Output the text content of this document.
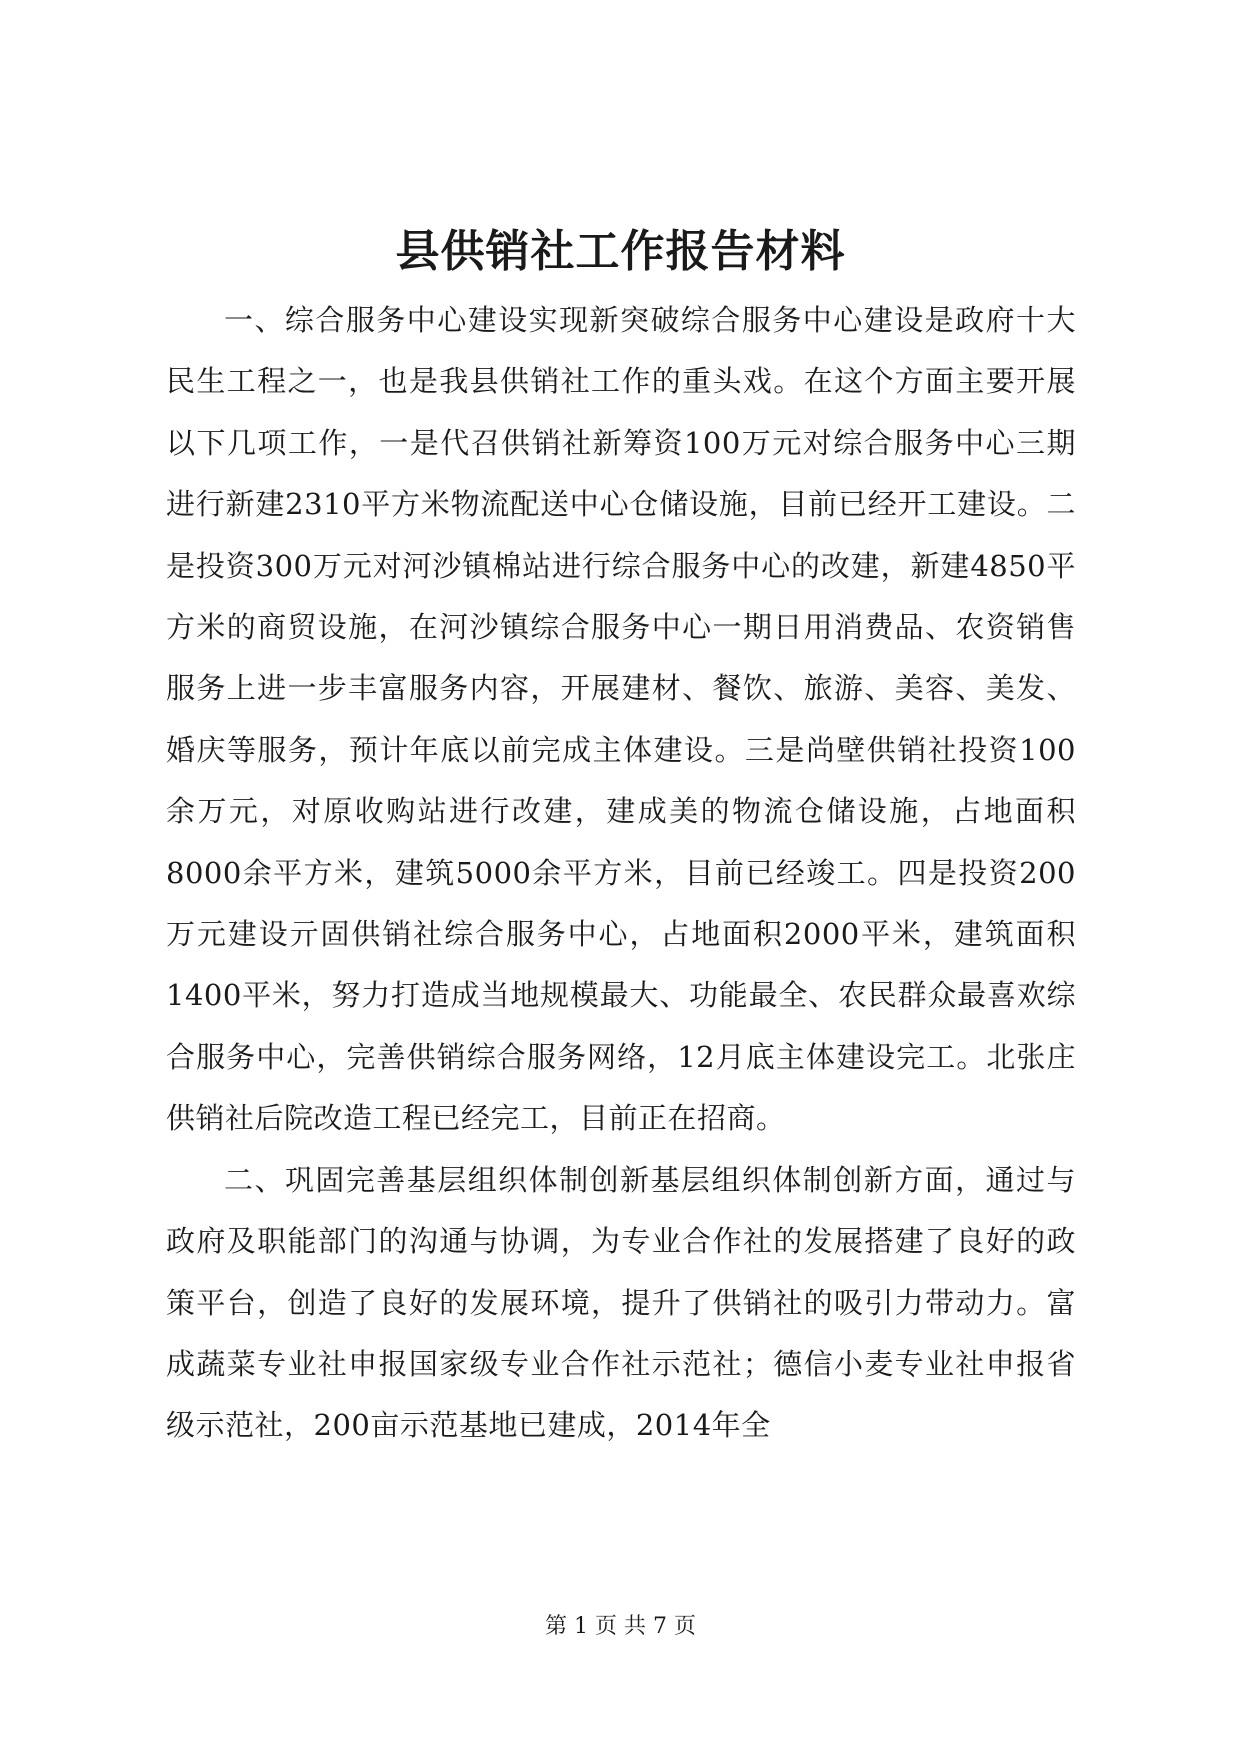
县供销社工作报告材料

一、综合服务中心建设实现新突破综合服务中心建设是政府十大民生工程之一，也是我县供销社工作的重头戏。在这个方面主要开展以下几项工作，一是代召供销社新筹资100万元对综合服务中心三期进行新建2310平方米物流配送中心仓储设施，目前已经开工建设。二是投资300万元对河沙镇棉站进行综合服务中心的改建，新建4850平方米的商贸设施，在河沙镇综合服务中心一期日用消费品、农资销售服务上进一步丰富服务内容，开展建材、餐饮、旅游、美容、美发、婚庆等服务，预计年底以前完成主体建设。三是尚壁供销社投资100余万元，对原收购站进行改建，建成美的物流仓储设施，占地面积8000余平方米，建筑5000余平方米，目前已经竣工。四是投资200万元建设亓固供销社综合服务中心，占地面积2000平米，建筑面积1400平米，努力打造成当地规模最大、功能最全、农民群众最喜欢综合服务中心，完善供销综合服务网络，12月底主体建设完工。北张庄供销社后院改造工程已经完工，目前正在招商。

二、巩固完善基层组织体制创新基层组织体制创新方面，通过与政府及职能部门的沟通与协调，为专业合作社的发展搭建了良好的政策平台，创造了良好的发展环境，提升了供销社的吸引力带动力。富成蔬菜专业社申报国家级专业合作社示范社；德信小麦专业社申报省级示范社，200亩示范基地已建成，2014年全

第 1 页 共 7 页
